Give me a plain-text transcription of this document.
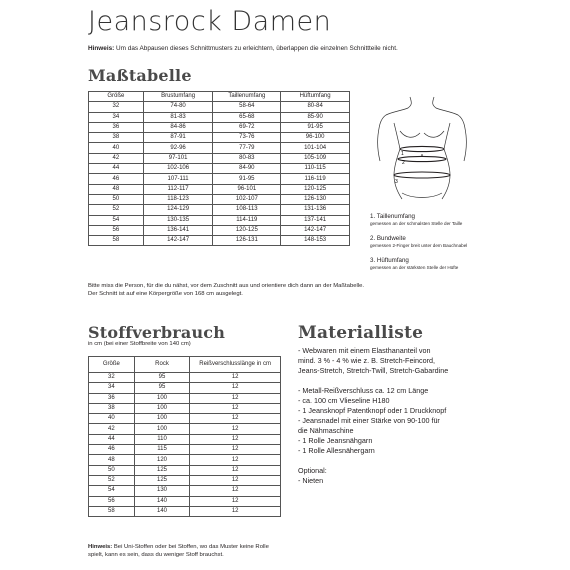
Jeansrock Damen
Hinweis: Um das Abpausen dieses Schnittmusters zu erleichtern, überlappen die einzelnen Schnittteile nicht.
Maßtabelle
Größe	Brustumfang	Taillenumfang	Hüftumfang
32	74-80	58-64	80-84
34	81-83	65-68	85-90
36	84-86	69-72	91-95
38	87-91	73-76	96-100
40	92-96	77-79	101-104
42	97-101	80-83	105-109
44	102-106	84-90	110-115
46	107-111	91-95	116-119
48	112-117	96-101	120-125
50	118-123	102-107	126-130
52	124-129	108-113	131-136
54	130-135	114-119	137-141
56	136-141	120-125	142-147
58	142-147	126-131	148-153
Bitte miss die Person, für die du nähst, vor dem Zuschnitt aus und orientiere dich dann an der Maßtabelle.
Der Schnitt ist auf eine Körpergröße von 168 cm ausgelegt.
1
2
3
1. Taillenumfang
gemessen an der schmalsten Stelle der Taille
2. Bundweite
gemessen 2-Finger breit unter dem Bauchnabel
3. Hüftumfang
gemessen an der stärksten Stelle der Hüfte
Stoffverbrauch
in cm (bei einer Stoffbreite von 140 cm)
Größe	Rock	Reißverschlusslänge in cm
32	95	12
34	95	12
36	100	12
38	100	12
40	100	12
42	100	12
44	110	12
46	115	12
48	120	12
50	125	12
52	125	12
54	130	12
56	140	12
58	140	12
Hinweis: Bei Uni-Stoffen oder bei Stoffen, wo das Muster keine Rolle
spielt, kann es sein, dass du weniger Stoff brauchst.
Materialliste
- Webwaren mit einem Elasthananteil von
mind. 3 % - 4 % wie z. B. Stretch-Feincord,
Jeans-Stretch, Stretch-Twill, Stretch-Gabardine
- Metall-Reißverschluss ca. 12 cm Länge
- ca. 100 cm Vlieseline H180
- 1 Jeansknopf Patentknopf oder 1 Druckknopf
- Jeansnadel mit einer Stärke von 90-100 für
die Nähmaschine
- 1 Rolle Jeansnähgarn
- 1 Rolle Allesnähergarn
Optional:
- Nieten
